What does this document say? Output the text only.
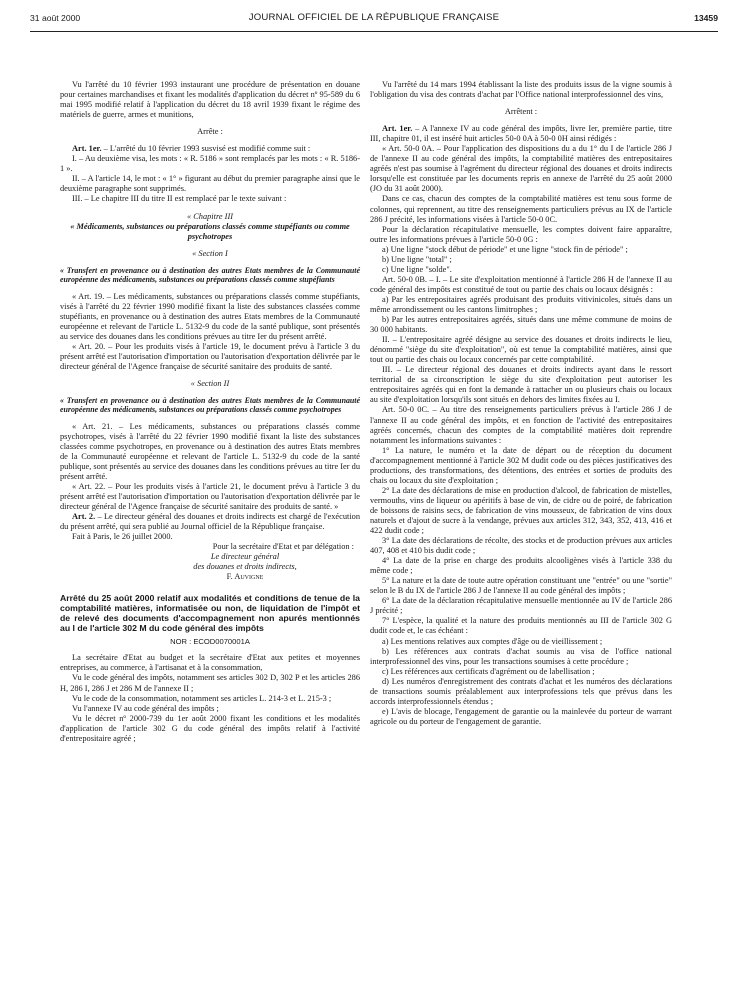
31 août 2000	JOURNAL OFFICIEL DE LA RÉPUBLIQUE FRANÇAISE	13459

Vu l'arrêté du 10 février 1993 instaurant une procédure de présentation en douane pour certaines marchandises et fixant les modalités d'application du décret nº 95-589 du 6 mai 1995 modifié relatif à l'application du décret du 18 avril 1939 fixant le régime des matériels de guerre, armes et munitions,

Arrête :

Art. 1er. – L'arrêté du 10 février 1993 susvisé est modifié comme suit :

I. – Au deuxième visa, les mots : « R. 5186 » sont remplacés par les mots : « R. 5186-1 ».

II. – A l'article 14, le mot : « 1° » figurant au début du premier paragraphe ainsi que le deuxième paragraphe sont supprimés.

III. – Le chapitre III du titre II est remplacé par le texte suivant :

« Chapitre III

« Médicaments, substances ou préparations classés comme stupéfiants ou comme psychotropes

« Section I

« Transfert en provenance ou à destination des autres Etats membres de la Communauté européenne des médicaments, substances ou préparations classés comme stupéfiants

« Art. 19. – Les médicaments, substances ou préparations classés comme stupéfiants, visés à l'arrêté du 22 février 1990 modifié fixant la liste des substances classées comme stupéfiants, en provenance ou à destination des autres Etats membres de la Communauté européenne et relevant de l'article L. 5132-9 du code de la santé publique, sont présentés au service des douanes dans les conditions prévues au titre Ier du présent arrêté.

« Art. 20. – Pour les produits visés à l'article 19, le document prévu à l'article 3 du présent arrêté est l'autorisation d'importation ou l'autorisation d'exportation délivrée par le directeur général de l'Agence française de sécurité sanitaire des produits de santé.

« Section II

« Transfert en provenance ou à destination des autres Etats membres de la Communauté européenne des médicaments, substances ou préparations classés comme psychotropes

« Art. 21. – Les médicaments, substances ou préparations classés comme psychotropes, visés à l'arrêté du 22 février 1990 modifié fixant la liste des substances classées comme psychotropes, en provenance ou à destination des autres Etats membres de la Communauté européenne et relevant de l'article L. 5132-9 du code de la santé publique, sont présentés au service des douanes dans les conditions prévues au titre Ier du présent arrêté.

« Art. 22. – Pour les produits visés à l'article 21, le document prévu à l'article 3 du présent arrêté est l'autorisation d'importation ou l'autorisation d'exportation délivrée par le directeur général de l'Agence française de sécurité sanitaire des produits de santé. »

Art. 2. – Le directeur général des douanes et droits indirects est chargé de l'exécution du présent arrêté, qui sera publié au Journal officiel de la République française.

Fait à Paris, le 26 juillet 2000.

Pour la secrétaire d'Etat et par délégation :

Le directeur général

des douanes et droits indirects,

F. Auvigne

Arrêté du 25 août 2000 relatif aux modalités et conditions de tenue de la comptabilité matières, informatisée ou non, de liquidation de l'impôt et de relevé des documents d'accompagnement non apurés mentionnés au I de l'article 302 M du code général des impôts

NOR : ECOD0070001A

La secrétaire d'Etat au budget et la secrétaire d'Etat aux petites et moyennes entreprises, au commerce, à l'artisanat et à la consommation,

Vu le code général des impôts, notamment ses articles 302 D, 302 P et les articles 286 H, 286 I, 286 J et 286 M de l'annexe II ;

Vu le code de la consommation, notamment ses articles L. 214-3 et L. 215-3 ;

Vu l'annexe IV au code général des impôts ;

Vu le décret nº 2000-739 du 1er août 2000 fixant les conditions et les modalités d'application de l'article 302 G du code général des impôts relatif à l'activité d'entrepositaire agréé ;

Vu l'arrêté du 14 mars 1994 établissant la liste des produits issus de la vigne soumis à l'obligation du visa des contrats d'achat par l'Office national interprofessionnel des vins,

Arrêtent :

Art. 1er. – A l'annexe IV au code général des impôts, livre Ier, première partie, titre III, chapitre 01, il est inséré huit articles 50-0 0A à 50-0 0H ainsi rédigés :

« Art. 50-0 0A. – Pour l'application des dispositions du a du 1° du I de l'article 286 J de l'annexe II au code général des impôts, la comptabilité matières des entrepositaires agréés n'est pas soumise à l'agrément du directeur régional des douanes et droits indirects lorsqu'elle est constituée par les documents repris en annexe de l'arrêté du 25 août 2000 (JO du 31 août 2000).

Dans ce cas, chacun des comptes de la comptabilité matières est tenu sous forme de colonnes, qui reprennent, au titre des renseignements particuliers prévus au IX de l'article 286 J précité, les informations visées à l'article 50-0 0C.

Pour la déclaration récapitulative mensuelle, les comptes doivent faire apparaître, outre les informations prévues à l'article 50-0 0G :

a) Une ligne "stock début de période" et une ligne "stock fin de période" ;

b) Une ligne "total" ;

c) Une ligne "solde".

Art. 50-0 0B. – I. – Le site d'exploitation mentionné à l'article 286 H de l'annexe II au code général des impôts est constitué de tout ou partie des chais ou locaux désignés :

a) Par les entrepositaires agréés produisant des produits vitivinicoles, situés dans un même arrondissement ou les cantons limitrophes ;

b) Par les autres entrepositaires agréés, situés dans une même commune de moins de 30 000 habitants.

II. – L'entrepositaire agréé désigne au service des douanes et droits indirects le lieu, dénommé "siège du site d'exploitation", où est tenue la comptabilité matières, ainsi que tout ou partie des chais ou locaux concernés par cette comptabilité.

III. – Le directeur régional des douanes et droits indirects ayant dans le ressort territorial de sa circonscription le siège du site d'exploitation peut autoriser les entrepositaires agréés qui en font la demande à rattacher un ou plusieurs chais ou locaux au site d'exploitation lorsqu'ils sont situés en dehors des limites fixées au I.

Art. 50-0 0C. – Au titre des renseignements particuliers prévus à l'article 286 J de l'annexe II au code général des impôts, et en fonction de l'activité des entrepositaires agréés concernés, chacun des comptes de la comptabilité matières doit reprendre notamment les informations suivantes :

1° La nature, le numéro et la date de départ ou de réception du document d'accompagnement mentionné à l'article 302 M dudit code ou des pièces justificatives des productions, des transformations, des détentions, des entrées et sorties de produits des chais ou locaux du site d'exploitation ;

2° La date des déclarations de mise en production d'alcool, de fabrication de mistelles, vermouths, vins de liqueur ou apéritifs à base de vin, de cidre ou de poiré, de fabrication de boissons de raisins secs, de fabrication de vins mousseux, de fabrication de vins doux naturels et d'ajout de sucre à la vendange, prévues aux articles 312, 343, 352, 413, 416 et 422 dudit code ;

3° La date des déclarations de récolte, des stocks et de production prévues aux articles 407, 408 et 410 bis dudit code ;

4° La date de la prise en charge des produits alcooligènes visés à l'article 338 du même code ;

5° La nature et la date de toute autre opération constituant une "entrée" ou une "sortie" selon le B du IX de l'article 286 J de l'annexe II au code général des impôts ;

6° La date de la déclaration récapitulative mensuelle mentionnée au IV de l'article 286 J précité ;

7° L'espèce, la qualité et la nature des produits mentionnés au III de l'article 302 G dudit code et, le cas échéant :

a) Les mentions relatives aux comptes d'âge ou de vieillissement ;

b) Les références aux contrats d'achat soumis au visa de l'office national interprofessionnel des vins, pour les transactions soumises à cette procédure ;

c) Les références aux certificats d'agrément ou de labellisation ;

d) Les numéros d'enregistrement des contrats d'achat et les numéros des déclarations de transactions soumis préalablement aux interprofessions tels que prévus dans les accords interprofessionnels étendus ;

e) L'avis de blocage, l'engagement de garantie ou la mainlevée du porteur de warrant agricole ou du porteur de l'engagement de garantie.
